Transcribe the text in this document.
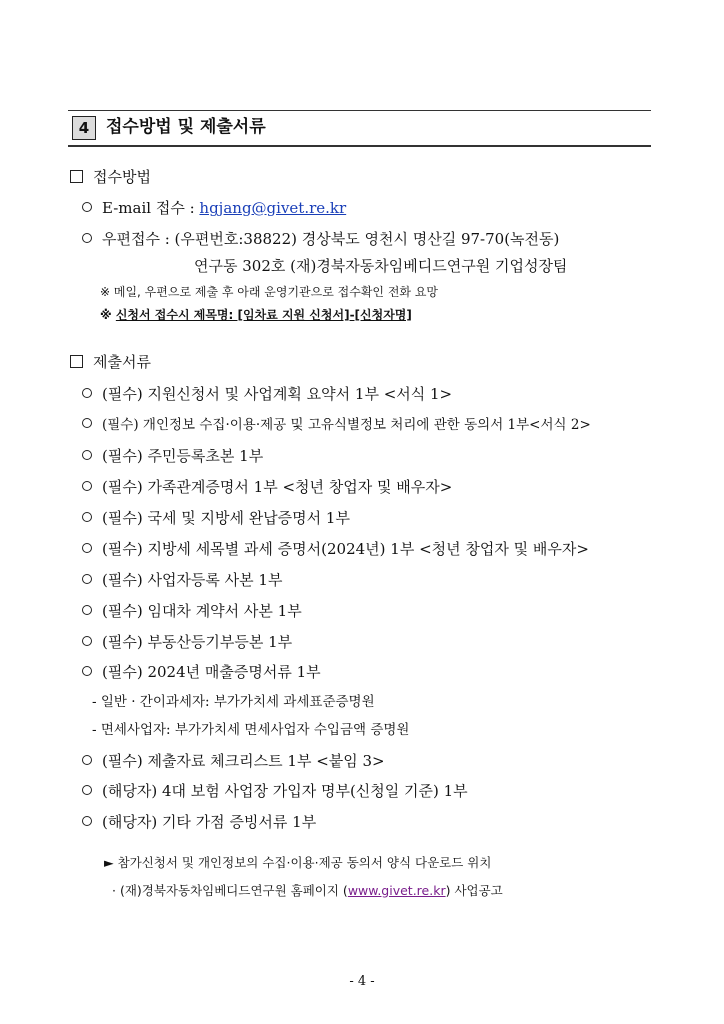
4 접수방법 및 제출서류
접수방법
E-mail 접수 : hgjang@givet.re.kr
우편접수 : (우편번호:38822) 경상북도 영천시 명산길 97-70(녹전동)
연구동 302호 (재)경북자동차임베디드연구원 기업성장팀
※ 메일, 우편으로 제출 후 아래 운영기관으로 접수확인 전화 요망
※ 신청서 접수시 제목명: [임차료 지원 신청서]-[신청자명]
제출서류
(필수) 지원신청서 및 사업계획 요약서 1부 <서식 1>
(필수) 개인정보 수집·이용·제공 및 고유식별정보 처리에 관한 동의서 1부<서식 2>
(필수) 주민등록초본 1부
(필수) 가족관계증명서 1부 <청년 창업자 및 배우자>
(필수) 국세 및 지방세 완납증명서 1부
(필수) 지방세 세목별 과세 증명서(2024년) 1부 <청년 창업자 및 배우자>
(필수) 사업자등록 사본 1부
(필수) 임대차 계약서 사본 1부
(필수) 부동산등기부등본 1부
(필수) 2024년 매출증명서류 1부
- 일반 · 간이과세자: 부가가치세 과세표준증명원
- 면세사업자: 부가가치세 면세사업자 수입금액 증명원
(필수) 제출자료 체크리스트 1부 <붙임 3>
(해당자) 4대 보험 사업장 가입자 명부(신청일 기준) 1부
(해당자) 기타 가점 증빙서류 1부
► 참가신청서 및 개인정보의 수집·이용·제공 동의서 양식 다운로드 위치
· (재)경북자동차임베디드연구원 홈페이지 (www.givet.re.kr) 사업공고
- 4 -
